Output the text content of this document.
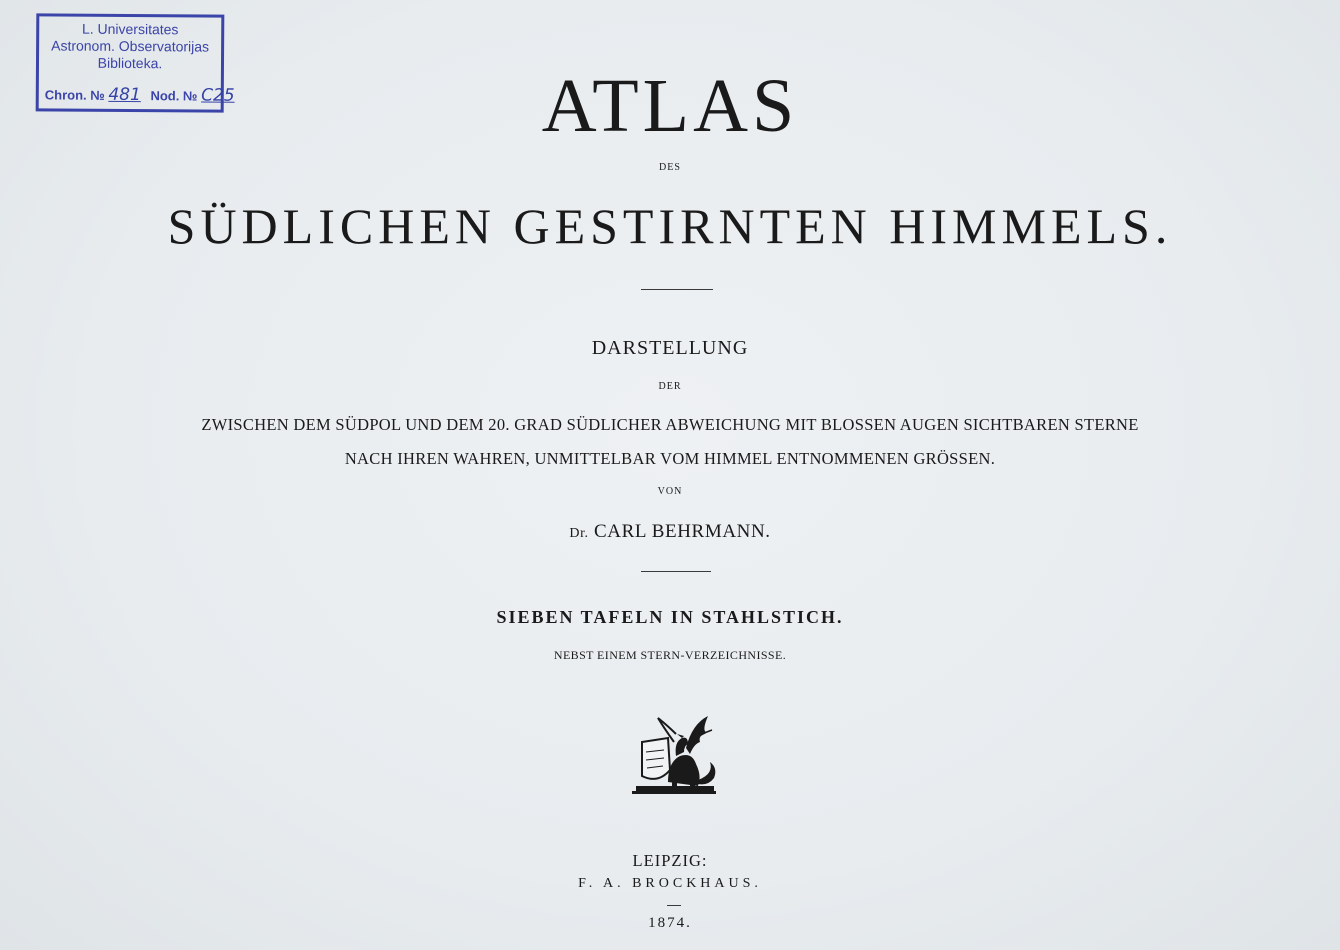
L. Universitates
Astronom. Observatorijas
Biblioteka.
Chron. № 481 Nod. № C25	ATLAS
DES
SÜDLICHEN GESTIRNTEN HIMMELS.
DARSTELLUNG
DER
ZWISCHEN DEM SÜDPOL UND DEM 20. GRAD SÜDLICHER ABWEICHUNG MIT BLOSSEN AUGEN SICHTBAREN STERNE
NACH IHREN WAHREN, UNMITTELBAR VOM HIMMEL ENTNOMMENEN GRÖSSEN.
VON
Dr. CARL BEHRMANN.
SIEBEN TAFELN IN STAHLSTICH.
NEBST EINEM STERN-VERZEICHNISSE.
LEIPZIG:
F. A. BROCKHAUS.
1874.
